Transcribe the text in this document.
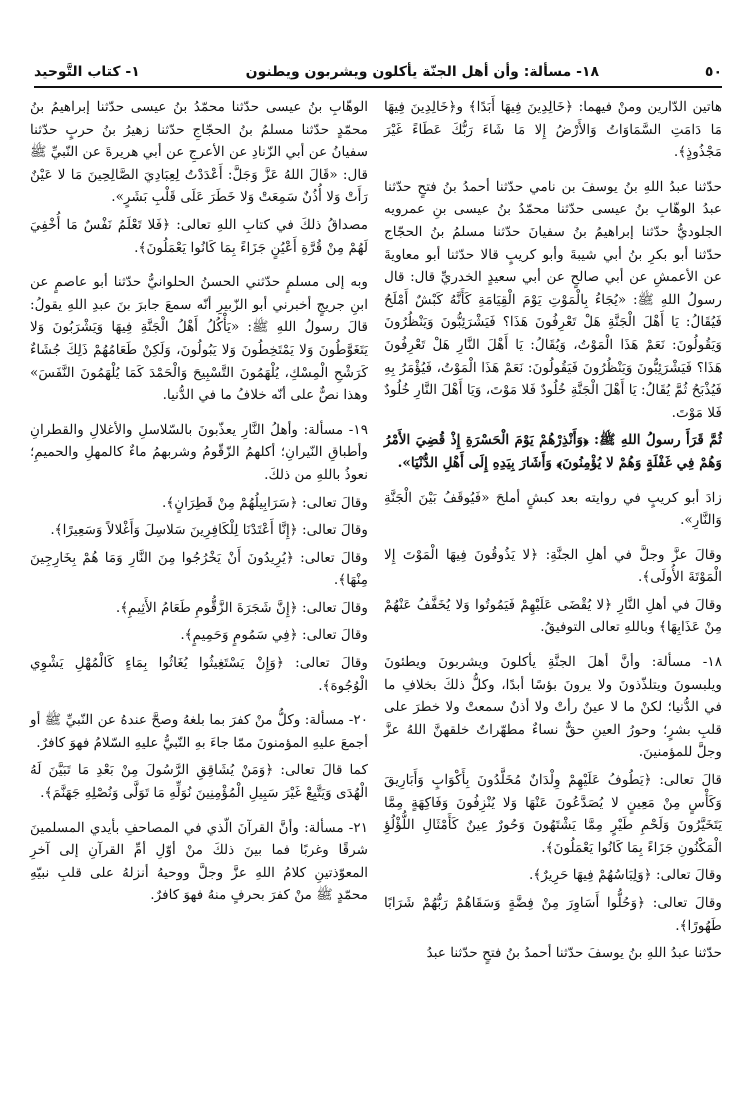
١- كتاب التَّوحيد	١٨- مسألة: وأن أهل الجنّة يأكلون ويشربون ويطنون	٥٠

هاتين الدّارين ومنْ فيهما: ﴿خَالِدِينَ فِيهَا أَبَدًا﴾ و﴿خَالِدِينَ فِيهَا مَا دَامَتِ السَّمَاوَاتُ وَالأَرْضُ إِلا مَا شَاءَ رَبُّكَ عَطَاءً غَيْرَ مَجْذُوذٍ﴾.

حدّثنا عبدُ اللهِ بنُ يوسفَ بن نامي حدّثنا أحمدُ بنُ فتحٍ حدّثنا عبدُ الوهّابِ بنُ عيسى حدّثنا محمّدُ بنُ عيسى بنِ عمرويه الجلوديُّ حدّثنا إبراهيمُ بنُ سفيانَ حدّثنا مسلمُ بنُ الحجّاج حدّثنا أبو بكرِ بنُ أبي شيبةَ وأبو كريبٍ قالا حدّثنا أبو معاويةَ عن الأعمشِ عن أبي صالحٍ عن أبي سعيدٍ الخدريِّ قال: قال رسولُ اللهِ ﷺ: «يُجَاءُ بِالْمَوْتِ يَوْمَ الْقِيَامَةِ كَأَنَّهُ كَبْشٌ أَمْلَحُ فَيُقَالُ: يَا أَهْلَ الْجَنَّةِ هَلْ تَعْرِفُونَ هَذَا؟ فَيَشْرَئِبُّونَ وَيَنْظُرُونَ وَيَقُولُونَ: نَعَمْ هَذَا الْمَوْتُ، وَيُقَالُ: يَا أَهْلَ النَّارِ هَلْ تَعْرِفُونَ هَذَا؟ فَيَشْرَئِبُّونَ وَيَنْظُرُونَ فَيَقُولُونَ: نَعَمْ هَذَا الْمَوْتُ، فَيُؤْمَرُ بِهِ فَيُذْبَحُ ثُمَّ يُقَالُ: يَا أَهْلَ الْجَنَّةِ خُلُودٌ فَلا مَوْتَ، وَيَا أَهْلَ النَّارِ خُلُودٌ فَلا مَوْتَ.

ثُمَّ قَرَأَ رسولُ اللهِ ﷺ: ﴿وَأَنْذِرْهُمْ يَوْمَ الْحَسْرَةِ إِذْ قُضِيَ الأَمْرُ وَهُمْ فِي غَفْلَةٍ وَهُمْ لا يُؤْمِنُونَ﴾ وَأَشَارَ بِيَدِهِ إِلَى أَهْلِ الدُّنْيَا».

زادَ أبو كريبٍ في روايته بعد كبشٍ أملحَ «فَيُوقَفُ بَيْنَ الْجَنَّةِ وَالنَّارِ».

وقالَ عزَّ وجلَّ في أهلِ الجنَّةِ: ﴿لا يَذُوقُونَ فِيهَا الْمَوْتَ إِلا الْمَوْتَةَ الأُولَى﴾.

وقالَ في أهلِ النَّارِ ﴿لا يُقْضَى عَلَيْهِمْ فَيَمُوتُوا وَلا يُخَفَّفُ عَنْهُمْ مِنْ عَذَابِهَا﴾ وباللهِ تعالى التوفيقُ.

١٨- مسألة: وأنَّ أهلَ الجنَّةِ يأكلونَ ويشربونَ ويطئونَ ويلبسونَ ويتلذّذونَ ولا يرونَ بؤسًا أبدًا، وكلُّ ذلكَ بخلافِ ما في الدُّنيا؛ لكنْ ما لا عينٌ رأتْ ولا أذنٌ سمعتْ ولا خطرَ على قلبِ بشرٍ؛ وحورُ العينِ حقٌّ نساءٌ مطهّراتٌ خلقهنَّ اللهُ عزَّ وجلَّ للمؤمنينَ.

قالَ تعالى: ﴿يَطُوفُ عَلَيْهِمْ وِلْدَانٌ مُخَلَّدُونَ بِأَكْوَابٍ وَأَبَارِيقَ وَكَأْسٍ مِنْ مَعِينٍ لا يُصَدَّعُونَ عَنْهَا وَلا يُنْزِفُونَ وَفَاكِهَةٍ مِمَّا يَتَخَيَّرُونَ وَلَحْمِ طَيْرٍ مِمَّا يَشْتَهُونَ وَحُورٌ عِينٌ كَأَمْثَالِ اللُّؤْلُؤِ الْمَكْنُونِ جَزَاءً بِمَا كَانُوا يَعْمَلُونَ﴾.

وقالَ تعالى: ﴿وَلِبَاسُهُمْ فِيهَا حَرِيرٌ﴾.

وقالَ تعالى: ﴿وَحُلُّوا أَسَاوِرَ مِنْ فِضَّةٍ وَسَقَاهُمْ رَبُّهُمْ شَرَابًا طَهُورًا﴾.

حدّثنا عبدُ اللهِ بنُ يوسفَ حدّثنا أحمدُ بنُ فتحٍ حدّثنا عبدُ

الوهّابِ بنُ عيسى حدّثنا محمّدُ بنُ عيسى حدّثنا إبراهيمُ بنُ محمّدٍ حدّثنا مسلمُ بنُ الحجّاجِ حدّثنا زهيرُ بنُ حربٍ حدّثنا سفيانُ عن أبي الزّنادِ عن الأعرجِ عن أبي هريرةَ عن النّبيِّ ﷺ قال: «قَالَ اللهُ عَزَّ وَجَلَّ: أَعْدَدْتُ لِعِبَادِيَ الصَّالِحِينَ مَا لا عَيْنٌ رَأَتْ وَلا أُذُنٌ سَمِعَتْ وَلا خَطَرَ عَلَى قَلْبِ بَشَرٍ».

مصداقُ ذلكَ في كتابِ اللهِ تعالى: ﴿فَلا تَعْلَمُ نَفْسٌ مَا أُخْفِيَ لَهُمْ مِنْ قُرَّةِ أَعْيُنٍ جَزَاءً بِمَا كَانُوا يَعْمَلُونَ﴾.

وبه إلى مسلمٍ حدّثني الحسنُ الحلوانيُّ حدّثنا أبو عاصمٍ عن ابنِ جريجٍ أخبرني أبو الزّبيرِ أنّه سمعَ جابرَ بنَ عبدِ اللهِ يقولُ: قالَ رسولُ اللهِ ﷺ: «يَأْكُلُ أَهْلُ الْجَنَّةِ فِيهَا وَيَشْرَبُونَ وَلا يَتَغَوَّطُونَ وَلا يَمْتَخِطُونَ وَلا يَبُولُونَ، وَلَكِنْ طَعَامُهُمْ ذَلِكَ جُشَاءٌ كَرَشْحِ الْمِسْكِ، يُلْهَمُونَ التَّسْبِيحَ وَالْحَمْدَ كَمَا يُلْهَمُونَ النَّفَسَ» وهذا نصٌّ على أنّه خلافُ ما في الدُّنيا.

١٩- مسألة: وأهلُ النَّارِ يعذّبونَ بالسّلاسلِ والأغلالِ والقطرانِ وأطباقِ النّيرانِ؛ أكلهمُ الزّقّومُ وشربهمُ ماءٌ كالمهلِ والحميمِ؛ نعوذُ باللهِ من ذلكَ.

وقالَ تعالى: ﴿سَرَابِيلُهُمْ مِنْ قَطِرَانٍ﴾.

وقالَ تعالى: ﴿إِنَّا أَعْتَدْنَا لِلْكَافِرِينَ سَلاسِلَ وَأَغْلالاً وَسَعِيرًا﴾.

وقالَ تعالى: ﴿يُرِيدُونَ أَنْ يَخْرُجُوا مِنَ النَّارِ وَمَا هُمْ بِخَارِجِينَ مِنْهَا﴾.

وقالَ تعالى: ﴿إِنَّ شَجَرَةَ الزَّقُّومِ طَعَامُ الأَثِيمِ﴾.

وقالَ تعالى: ﴿فِي سَمُومٍ وَحَمِيمٍ﴾.

وقالَ تعالى: ﴿وَإِنْ يَسْتَغِيثُوا يُغَاثُوا بِمَاءٍ كَالْمُهْلِ يَشْوِي الْوُجُوهَ﴾.

٢٠- مسألة: وكلُّ منْ كفرَ بما بلغهُ وصحَّ عندهُ عن النّبيِّ ﷺ أو أجمعَ عليهِ المؤمنونَ ممّا جاءَ بهِ النّبيُّ عليهِ السّلامُ فهوَ كافرٌ.

كما قالَ تعالى: ﴿وَمَنْ يُشَاقِقِ الرَّسُولَ مِنْ بَعْدِ مَا تَبَيَّنَ لَهُ الْهُدَى وَيَتَّبِعْ غَيْرَ سَبِيلِ الْمُؤْمِنِينَ نُوَلِّهِ مَا تَوَلَّى وَنُصْلِهِ جَهَنَّمَ﴾.

٢١- مسألة: وأنَّ القرآنَ الّذي في المصاحفِ بأيدي المسلمينَ شرقًا وغربًا فما بينَ ذلكَ منْ أوّلِ أمِّ القرآنِ إلى آخرِ المعوّذتينِ كلامُ اللهِ عزَّ وجلَّ ووحيهُ أنزلهُ على قلبِ نبيّهِ محمّدٍ ﷺ منْ كفرَ بحرفٍ منهُ فهوَ كافرٌ.
